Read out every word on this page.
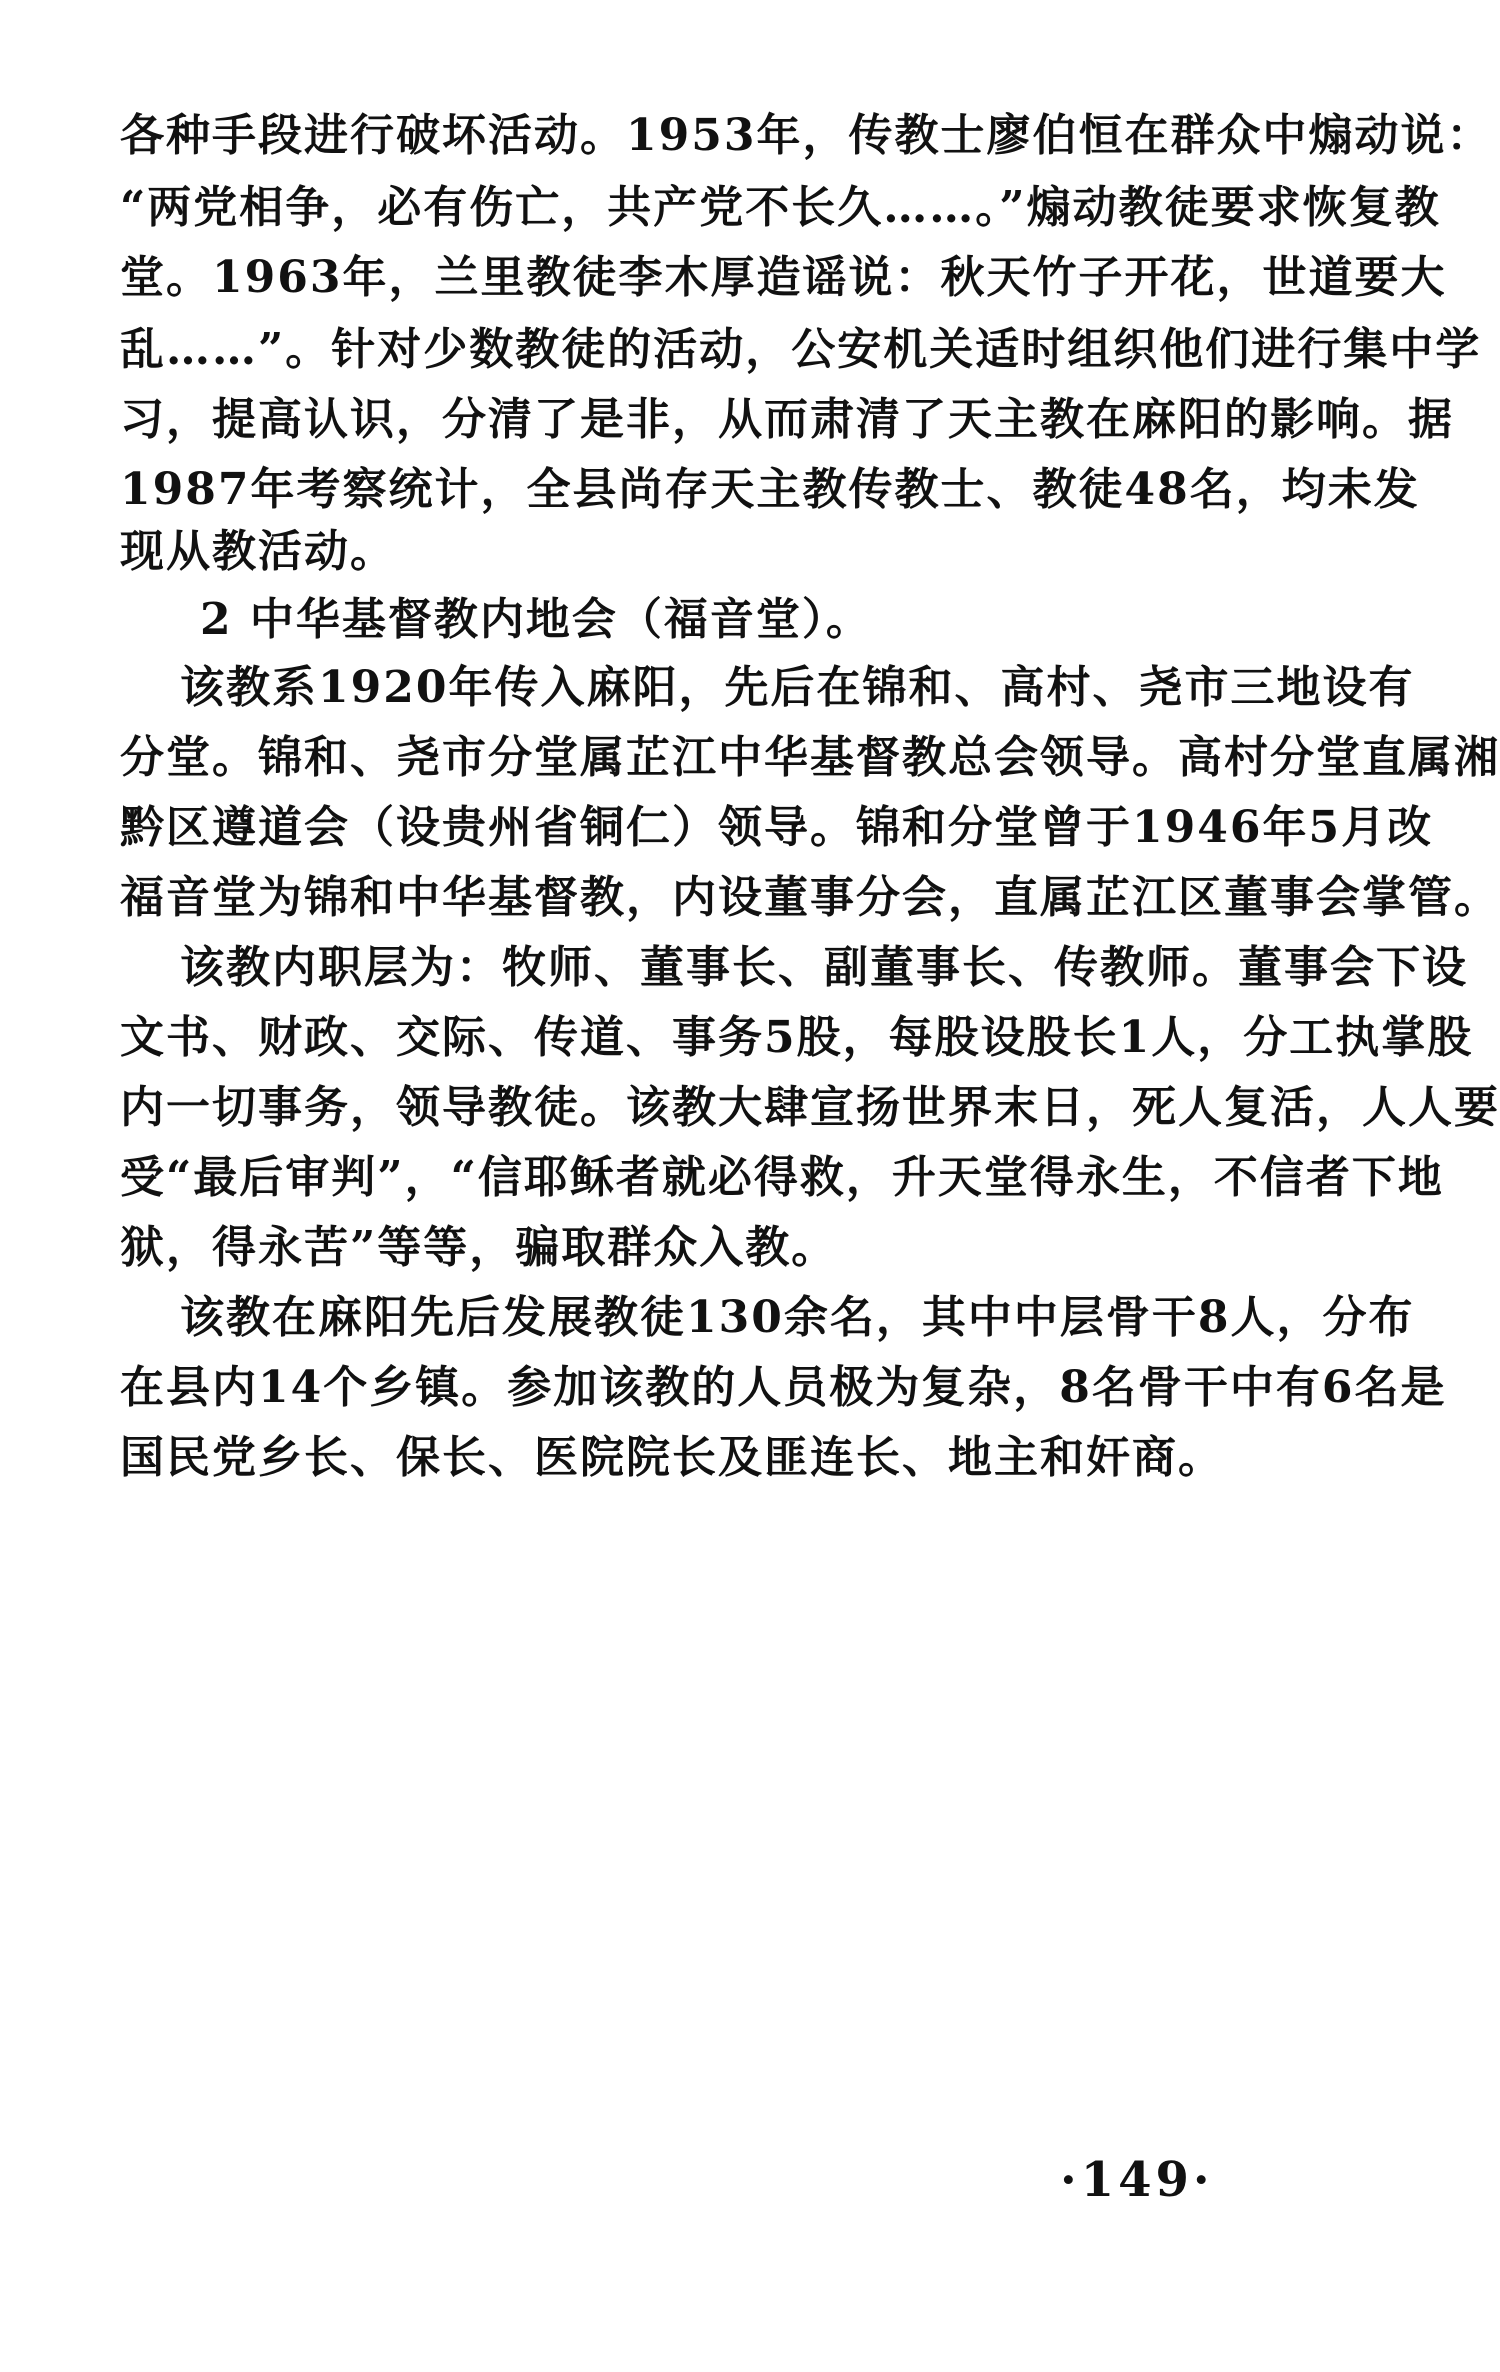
各种手段进行破坏活动。1953年，传教士廖伯恒在群众中煽动说：
“两党相争，必有伤亡，共产党不长久……。”煽动教徒要求恢复教
堂。1963年，兰里教徒李木厚造谣说：秋天竹子开花，世道要大
乱……”。针对少数教徒的活动，公安机关适时组织他们进行集中学
习，提高认识，分清了是非，从而肃清了天主教在麻阳的影响。据
1987年考察统计，全县尚存天主教传教士、教徒48名，均未发
现从教活动。
2 中华基督教内地会（福音堂）。
该教系1920年传入麻阳，先后在锦和、高村、尧市三地设有
分堂。锦和、尧市分堂属芷江中华基督教总会领导。高村分堂直属湘
黔区遵道会（设贵州省铜仁）领导。锦和分堂曾于1946年5月改
福音堂为锦和中华基督教，内设董事分会，直属芷江区董事会掌管。
该教内职层为：牧师、董事长、副董事长、传教师。董事会下设
文书、财政、交际、传道、事务5股，每股设股长1人，分工执掌股
内一切事务，领导教徒。该教大肆宣扬世界末日，死人复活，人人要
受“最后审判”，“信耶稣者就必得救，升天堂得永生，不信者下地
狱，得永苦”等等，骗取群众入教。
该教在麻阳先后发展教徒130余名，其中中层骨干8人，分布
在县内14个乡镇。参加该教的人员极为复杂，8名骨干中有6名是
国民党乡长、保长、医院院长及匪连长、地主和奸商。
·149·
